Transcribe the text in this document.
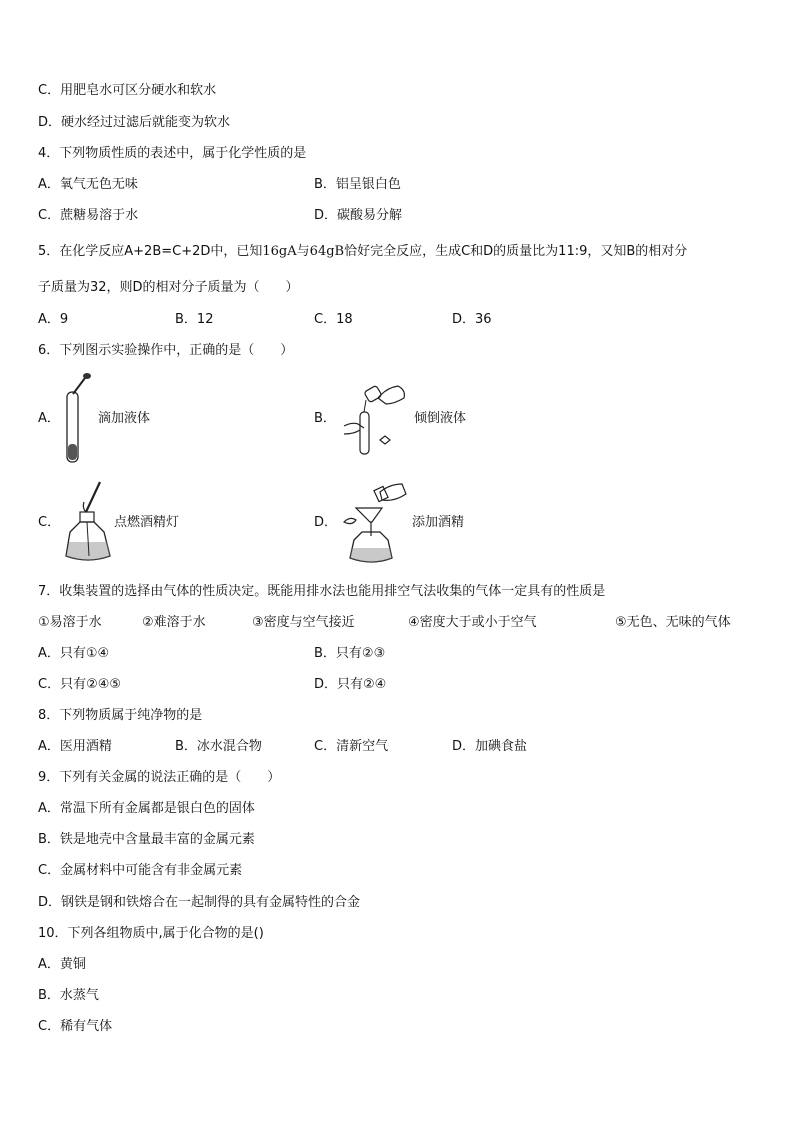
C．用肥皂水可区分硬水和软水
D．硬水经过过滤后就能变为软水
4．下列物质性质的表述中，属于化学性质的是
A．氧气无色无味	B．铝呈银白色
C．蔗糖易溶于水	D．碳酸易分解
5．在化学反应A+2B=C+2D中，已知16gA与64gB恰好完全反应，生成C和D的质量比为11:9，又知B的相对分
子质量为32，则D的相对分子质量为（　　）
A．9	B．12	C．18	D．36
6．下列图示实验操作中，正确的是（　　）
A．	滴加液体	B．	倾倒液体
C．	点燃酒精灯	D．	添加酒精
7．收集装置的选择由气体的性质决定。既能用排水法也能用排空气法收集的气体一定具有的性质是
①易溶于水	②难溶于水	③密度与空气接近	④密度大于或小于空气	⑤无色、无味的气体
A．只有①④	B．只有②③
C．只有②④⑤	D．只有②④
8．下列物质属于纯净物的是
A．医用酒精	B．冰水混合物	C．清新空气	D．加碘食盐
9．下列有关金属的说法正确的是（　　）
A．常温下所有金属都是银白色的固体
B．铁是地壳中含量最丰富的金属元素
C．金属材料中可能含有非金属元素
D．钢铁是钢和铁熔合在一起制得的具有金属特性的合金
10．下列各组物质中,属于化合物的是()
A．黄铜
B．水蒸气
C．稀有气体
